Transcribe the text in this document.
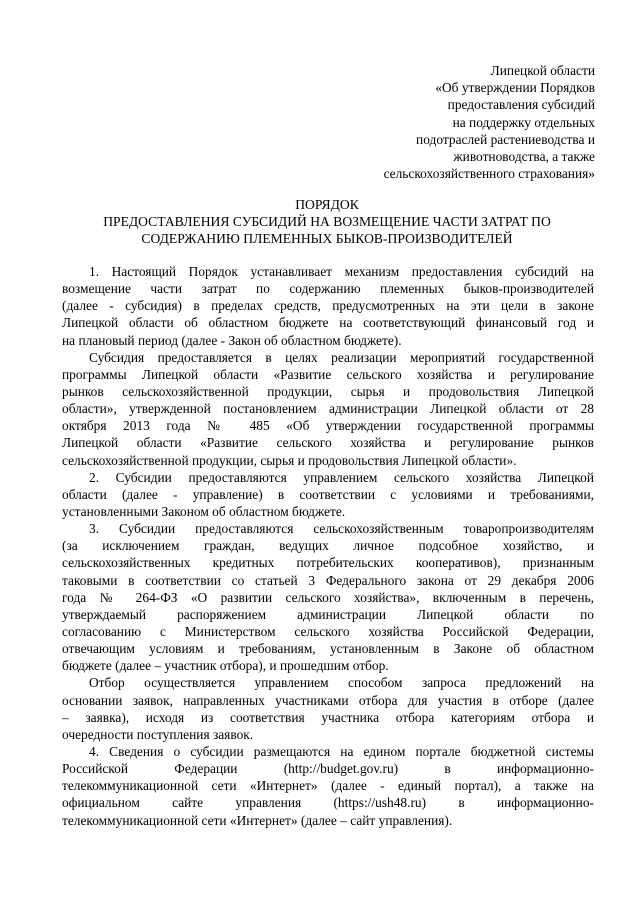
Липецкой области
«Об утверждении Порядков
предоставления субсидий
на поддержку отдельных
подотраслей растениеводства и
животноводства, а также
сельскохозяйственного страхования»
ПОРЯДОК
ПРЕДОСТАВЛЕНИЯ СУБСИДИЙ НА ВОЗМЕЩЕНИЕ ЧАСТИ ЗАТРАТ ПО
СОДЕРЖАНИЮ ПЛЕМЕННЫХ БЫКОВ-ПРОИЗВОДИТЕЛЕЙ
1. Настоящий Порядок устанавливает механизм предоставления субсидий на
возмещение части затрат по содержанию племенных быков-производителей
(далее - субсидия) в пределах средств, предусмотренных на эти цели в законе
Липецкой области об областном бюджете на соответствующий финансовый год и
на плановый период (далее - Закон об областном бюджете).
Субсидия предоставляется в целях реализации мероприятий государственной
программы Липецкой области «Развитие сельского хозяйства и регулирование
рынков сельскохозяйственной продукции, сырья и продовольствия Липецкой
области», утвержденной постановлением администрации Липецкой области от 28
октября 2013 года № 485 «Об утверждении государственной программы
Липецкой области «Развитие сельского хозяйства и регулирование рынков
сельскохозяйственной продукции, сырья и продовольствия Липецкой области».
2. Субсидии предоставляются управлением сельского хозяйства Липецкой
области (далее - управление) в соответствии с условиями и требованиями,
установленными Законом об областном бюджете.
3. Субсидии предоставляются сельскохозяйственным товаропроизводителям
(за исключением граждан, ведущих личное подсобное хозяйство, и
сельскохозяйственных кредитных потребительских кооперативов), признанным
таковыми в соответствии со статьей 3 Федерального закона от 29 декабря 2006
года № 264-ФЗ «О развитии сельского хозяйства», включенным в перечень,
утверждаемый распоряжением администрации Липецкой области по
согласованию с Министерством сельского хозяйства Российской Федерации,
отвечающим условиям и требованиям, установленным в Законе об областном
бюджете (далее – участник отбора), и прошедшим отбор.
Отбор осуществляется управлением способом запроса предложений на
основании заявок, направленных участниками отбора для участия в отборе (далее
– заявка), исходя из соответствия участника отбора категориям отбора и
очередности поступления заявок.
4. Сведения о субсидии размещаются на едином портале бюджетной системы
Российской Федерации (http://budget.gov.ru) в информационно-
телекоммуникационной сети «Интернет» (далее - единый портал), а также на
официальном сайте управления (https://ush48.ru) в информационно-
телекоммуникационной сети «Интернет» (далее – сайт управления).
